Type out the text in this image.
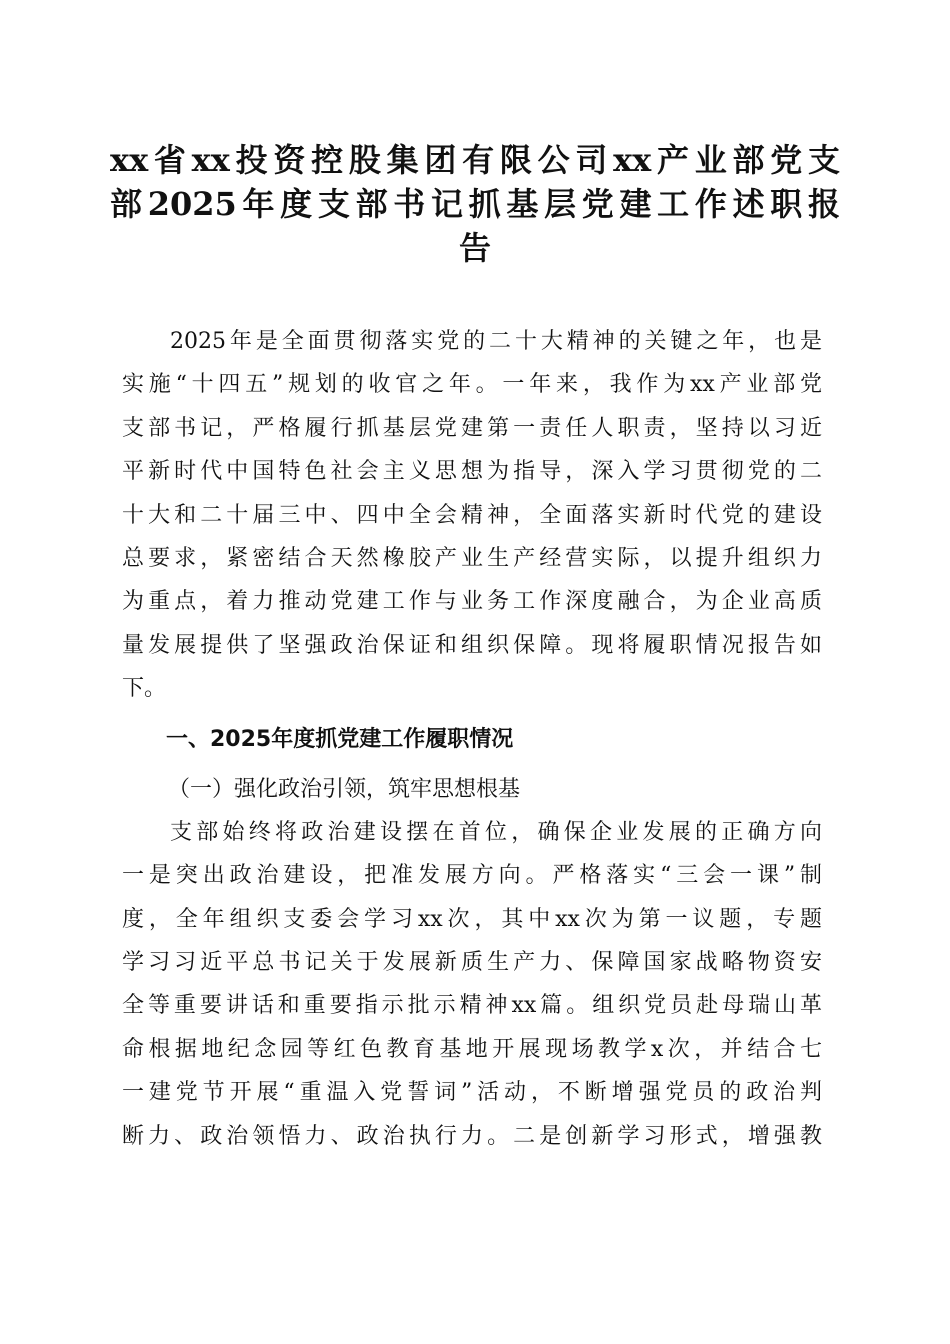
xx省xx投资控股集团有限公司xx产业部党支
部2025年度支部书记抓基层党建工作述职报
告
2025年是全面贯彻落实党的二十大精神的关键之年，也是
实施“十四五”规划的收官之年。一年来，我作为xx产业部党
支部书记，严格履行抓基层党建第一责任人职责，坚持以习近
平新时代中国特色社会主义思想为指导，深入学习贯彻党的二
十大和二十届三中、四中全会精神，全面落实新时代党的建设
总要求，紧密结合天然橡胶产业生产经营实际，以提升组织力
为重点，着力推动党建工作与业务工作深度融合，为企业高质
量发展提供了坚强政治保证和组织保障。现将履职情况报告如
下。
一、2025年度抓党建工作履职情况
（一）强化政治引领，筑牢思想根基
支部始终将政治建设摆在首位，确保企业发展的正确方向
一是突出政治建设，把准发展方向。严格落实“三会一课”制
度，全年组织支委会学习xx次，其中xx次为第一议题，专题
学习习近平总书记关于发展新质生产力、保障国家战略物资安
全等重要讲话和重要指示批示精神xx篇。组织党员赴母瑞山革
命根据地纪念园等红色教育基地开展现场教学x次，并结合七
一建党节开展“重温入党誓词”活动，不断增强党员的政治判
断力、政治领悟力、政治执行力。二是创新学习形式，增强教
